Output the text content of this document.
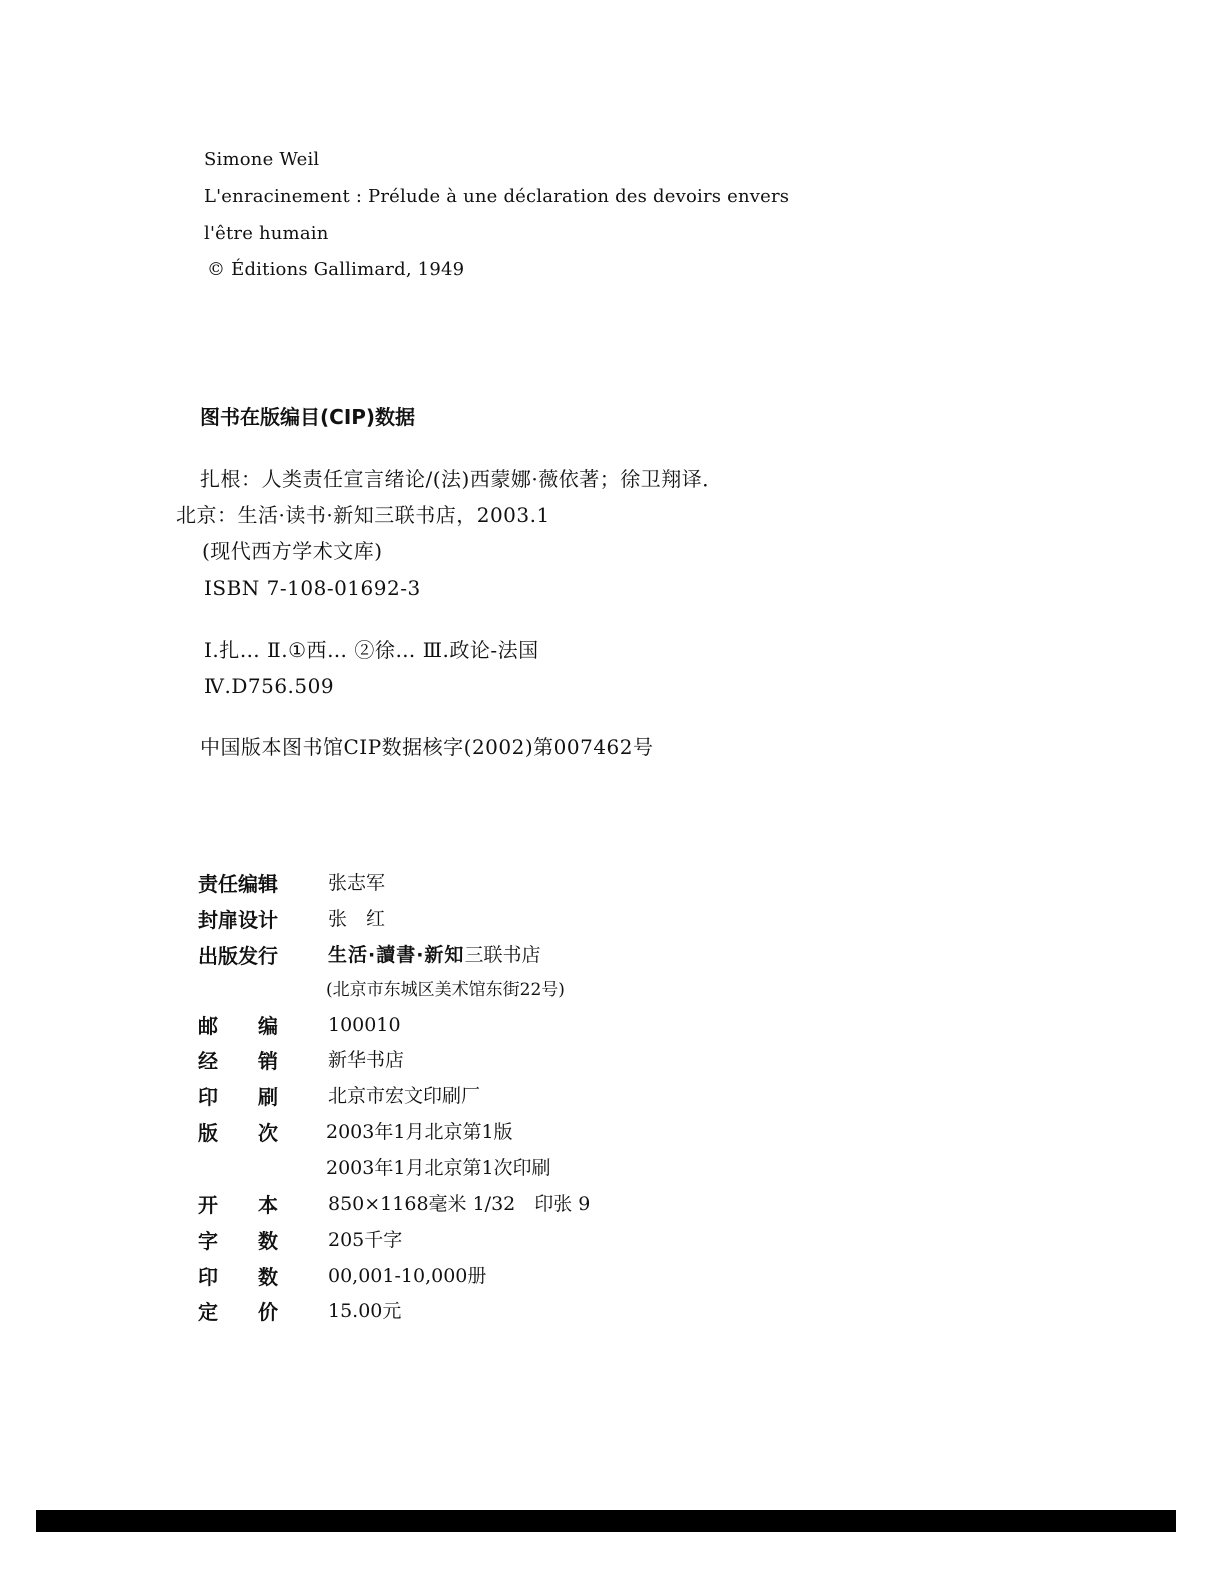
Simone Weil
L'enracinement : Prélude à une déclaration des devoirs envers
l'être humain
© Éditions Gallimard, 1949
图书在版编目(CIP)数据
扎根：人类责任宣言绪论/(法)西蒙娜·薇依著；徐卫翔译．
北京：生活·读书·新知三联书店，2003.1
(现代西方学术文库)
ISBN 7-108-01692-3
Ⅰ.扎… Ⅱ.①西… ②徐… Ⅲ.政论-法国
Ⅳ.D756.509
中国版本图书馆CIP数据核字(2002)第007462号
责任编辑	张志军
封扉设计	张　红
出版发行	生活·讀書·新知三联书店
(北京市东城区美术馆东街22号)
邮　　编	100010
经　　销	新华书店
印　　刷	北京市宏文印刷厂
版　　次	2003年1月北京第1版
2003年1月北京第1次印刷
开　　本	850×1168毫米 1/32　印张 9
字　　数	205千字
印　　数	00,001-10,000册
定　　价	15.00元
